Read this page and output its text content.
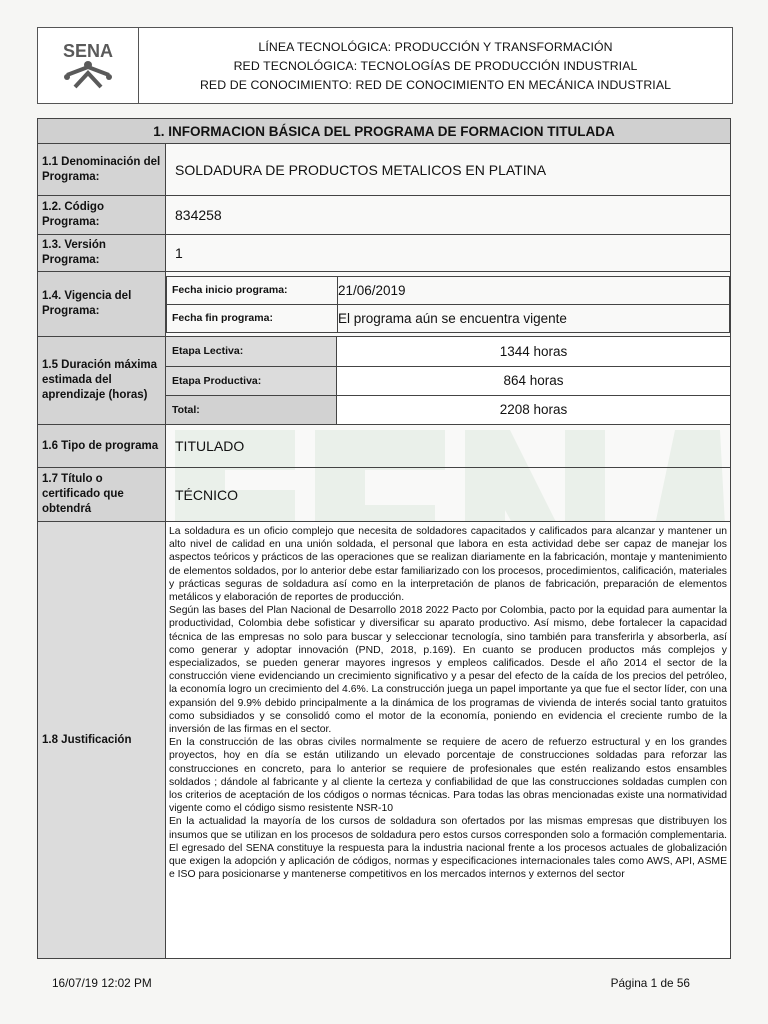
SENA	LÍNEA TECNOLÓGICA: PRODUCCIÓN Y TRANSFORMACIÓN
RED TECNOLÓGICA: TECNOLOGÍAS DE PRODUCCIÓN INDUSTRIAL
RED DE CONOCIMIENTO: RED DE CONOCIMIENTO EN MECÁNICA INDUSTRIAL
1. INFORMACION BÁSICA DEL PROGRAMA DE FORMACION TITULADA
1.1 Denominación del Programa:	SOLDADURA DE PRODUCTOS METALICOS EN PLATINA
1.2. Código Programa:	834258
1.3. Versión Programa:	1
1.4. Vigencia del Programa:	
Fecha inicio programa:	21/06/2019
Fecha fin programa:	El programa aún se encuentra vigente

1.5 Duración máxima estimada del aprendizaje (horas)	
Etapa Lectiva:	1344 horas
Etapa Productiva:	864 horas
Total:	2208 horas

1.6 Tipo de programa	TITULADO
1.7 Título o certificado que obtendrá	TÉCNICO
1.8 Justificación	

La soldadura es un oficio complejo que necesita de soldadores capacitados y calificados para alcanzar y mantener un alto nivel de calidad en una unión soldada, el personal que labora en esta actividad debe ser capaz de manejar los aspectos teóricos y prácticos de las operaciones que se realizan diariamente en la fabricación, montaje y mantenimiento de elementos soldados, por lo anterior debe estar familiarizado con los procesos, procedimientos, calificación, materiales y prácticas seguras de soldadura así como en la interpretación de planos de fabricación, preparación de elementos metálicos y elaboración de reportes de producción.

Según las bases del Plan Nacional de Desarrollo 2018 2022 Pacto por Colombia, pacto por la equidad para aumentar la productividad, Colombia debe sofisticar y diversificar su aparato productivo. Así mismo, debe fortalecer la capacidad técnica de las empresas no solo para buscar y seleccionar tecnología, sino también para transferirla y absorberla, así como generar y adoptar innovación (PND, 2018, p.169). En cuanto se producen productos más complejos y especializados, se pueden generar mayores ingresos y empleos calificados. Desde el año 2014 el sector de la construcción viene evidenciando un crecimiento significativo y a pesar del efecto de la caída de los precios del petróleo, la economía logro un crecimiento del 4.6%. La construcción juega un papel importante ya que fue el sector líder, con una expansión del 9.9% debido principalmente a la dinámica de los programas de vivienda de interés social tanto gratuitos como subsidiados y se consolidó como el motor de la economía, poniendo en evidencia el creciente rumbo de la inversión de las firmas en el sector.

En la construcción de las obras civiles normalmente se requiere de acero de refuerzo estructural y en los grandes proyectos, hoy en día se están utilizando un elevado porcentaje de construcciones soldadas para reforzar las construcciones en concreto, para lo anterior se requiere de profesionales que estén realizando estos ensambles soldados ; dándole al fabricante y al cliente la certeza y confiabilidad de que las construcciones soldadas cumplen con los criterios de aceptación de los códigos o normas técnicas. Para todas las obras mencionadas existe una normatividad vigente como el código sismo resistente NSR-10

En la actualidad la mayoría de los cursos de soldadura son ofertados por las mismas empresas que distribuyen los insumos que se utilizan en los procesos de soldadura pero estos cursos corresponden solo a formación complementaria. El egresado del SENA constituye la respuesta para la industria nacional frente a los procesos actuales de globalización que exigen la adopción y aplicación de códigos, normas y especificaciones internacionales tales como AWS, API, ASME e ISO para posicionarse y mantenerse competitivos en los mercados internos y externos del sector

16/07/19 12:02 PM	Página 1 de 56
